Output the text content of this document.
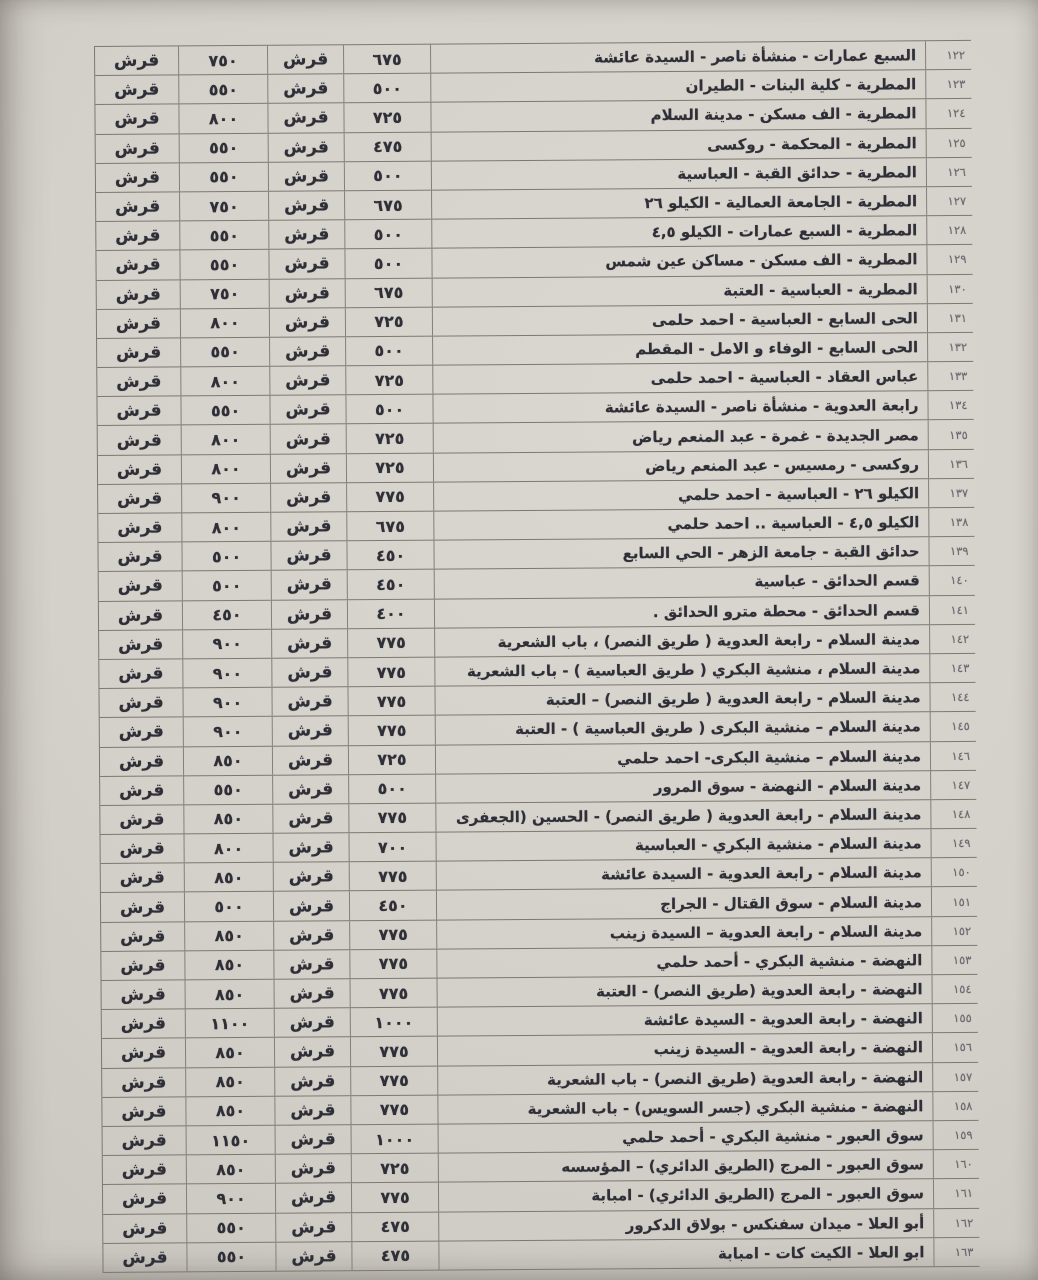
قرش	٧٥٠	قرش	٦٧٥	السبع عمارات - منشأة ناصر - السيدة عائشة	١٢٢
قرش	٥٥٠	قرش	٥٠٠	المطرية - كلية البنات - الطيران	١٢٣
قرش	٨٠٠	قرش	٧٢٥	المطرية - الف مسكن - مدينة السلام	١٢٤
قرش	٥٥٠	قرش	٤٧٥	المطرية - المحكمة - روكسى	١٢٥
قرش	٥٥٠	قرش	٥٠٠	المطرية - حدائق القبة - العباسية	١٢٦
قرش	٧٥٠	قرش	٦٧٥	المطرية - الجامعة العمالية - الكيلو ٢٦	١٢٧
قرش	٥٥٠	قرش	٥٠٠	المطرية - السبع عمارات - الكيلو ٤,٥	١٢٨
قرش	٥٥٠	قرش	٥٠٠	المطرية - الف مسكن - مساكن عين شمس	١٢٩
قرش	٧٥٠	قرش	٦٧٥	المطرية - العباسية - العتبة	١٣٠
قرش	٨٠٠	قرش	٧٢٥	الحى السابع - العباسية - احمد حلمى	١٣١
قرش	٥٥٠	قرش	٥٠٠	الحى السابع - الوفاء و الامل - المقطم	١٣٢
قرش	٨٠٠	قرش	٧٢٥	عباس العقاد - العباسية - احمد حلمى	١٣٣
قرش	٥٥٠	قرش	٥٠٠	رابعة العدوية - منشأة ناصر - السيدة عائشة	١٣٤
قرش	٨٠٠	قرش	٧٢٥	مصر الجديدة - غمرة - عبد المنعم رياض	١٣٥
قرش	٨٠٠	قرش	٧٢٥	روكسى - رمسيس - عبد المنعم رياض	١٣٦
قرش	٩٠٠	قرش	٧٧٥	الكيلو ٢٦ - العباسية - احمد حلمي	١٣٧
قرش	٨٠٠	قرش	٦٧٥	الكيلو ٤,٥ - العباسية .. احمد حلمي	١٣٨
قرش	٥٠٠	قرش	٤٥٠	حدائق القبة - جامعة الزهر - الحي السابع	١٣٩
قرش	٥٠٠	قرش	٤٥٠	قسم الحدائق - عباسية	١٤٠
قرش	٤٥٠	قرش	٤٠٠	قسم الحدائق - محطة مترو الحدائق .	١٤١
قرش	٩٠٠	قرش	٧٧٥	مدينة السلام - رابعة العدوية ( طريق النصر) ، باب الشعرية	١٤٢
قرش	٩٠٠	قرش	٧٧٥	مدينة السلام ، منشية البكري ( طريق العباسية ) - باب الشعرية	١٤٣
قرش	٩٠٠	قرش	٧٧٥	مدينة السلام - رابعة العدوية ( طريق النصر) – العتبة	١٤٤
قرش	٩٠٠	قرش	٧٧٥	مدينة السلام – منشية البكرى ( طريق العباسية ) - العتبة	١٤٥
قرش	٨٥٠	قرش	٧٢٥	مدينة السلام – منشية البكرى- احمد حلمي	١٤٦
قرش	٥٥٠	قرش	٥٠٠	مدينة السلام - النهضة - سوق المرور	١٤٧
قرش	٨٥٠	قرش	٧٧٥	مدينة السلام - رابعة العدوية ( طريق النصر) - الحسين (الجعفرى	١٤٨
قرش	٨٠٠	قرش	٧٠٠	مدينة السلام - منشية البكري - العباسية	١٤٩
قرش	٨٥٠	قرش	٧٧٥	مدينة السلام - رابعة العدوية - السيدة عائشة	١٥٠
قرش	٥٠٠	قرش	٤٥٠	مدينة السلام - سوق القتال - الجراج	١٥١
قرش	٨٥٠	قرش	٧٧٥	مدينة السلام - رابعة العدوية – السيدة زينب	١٥٢
قرش	٨٥٠	قرش	٧٧٥	النهضة - منشية البكري - أحمد حلمي	١٥٣
قرش	٨٥٠	قرش	٧٧٥	النهضة - رابعة العدوية (طريق النصر) - العتبة	١٥٤
قرش	١١٠٠	قرش	١٠٠٠	النهضة - رابعة العدوية - السيدة عائشة	١٥٥
قرش	٨٥٠	قرش	٧٧٥	النهضة - رابعة العدوية - السيدة زينب	١٥٦
قرش	٨٥٠	قرش	٧٧٥	النهضة - رابعة العدوية (طريق النصر) - باب الشعرية	١٥٧
قرش	٨٥٠	قرش	٧٧٥	النهضة - منشية البكري (جسر السويس) - باب الشعرية	١٥٨
قرش	١١٥٠	قرش	١٠٠٠	سوق العبور - منشية البكري - أحمد حلمي	١٥٩
قرش	٨٥٠	قرش	٧٢٥	سوق العبور - المرج (الطريق الدائري) – المؤسسه	١٦٠
قرش	٩٠٠	قرش	٧٧٥	سوق العبور - المرج (الطريق الدائري) - امبابة	١٦١
قرش	٥٥٠	قرش	٤٧٥	أبو العلا - ميدان سفنكس - بولاق الدكرور	١٦٢
قرش	٥٥٠	قرش	٤٧٥	ابو العلا - الكيت كات - امبابة	١٦٣
